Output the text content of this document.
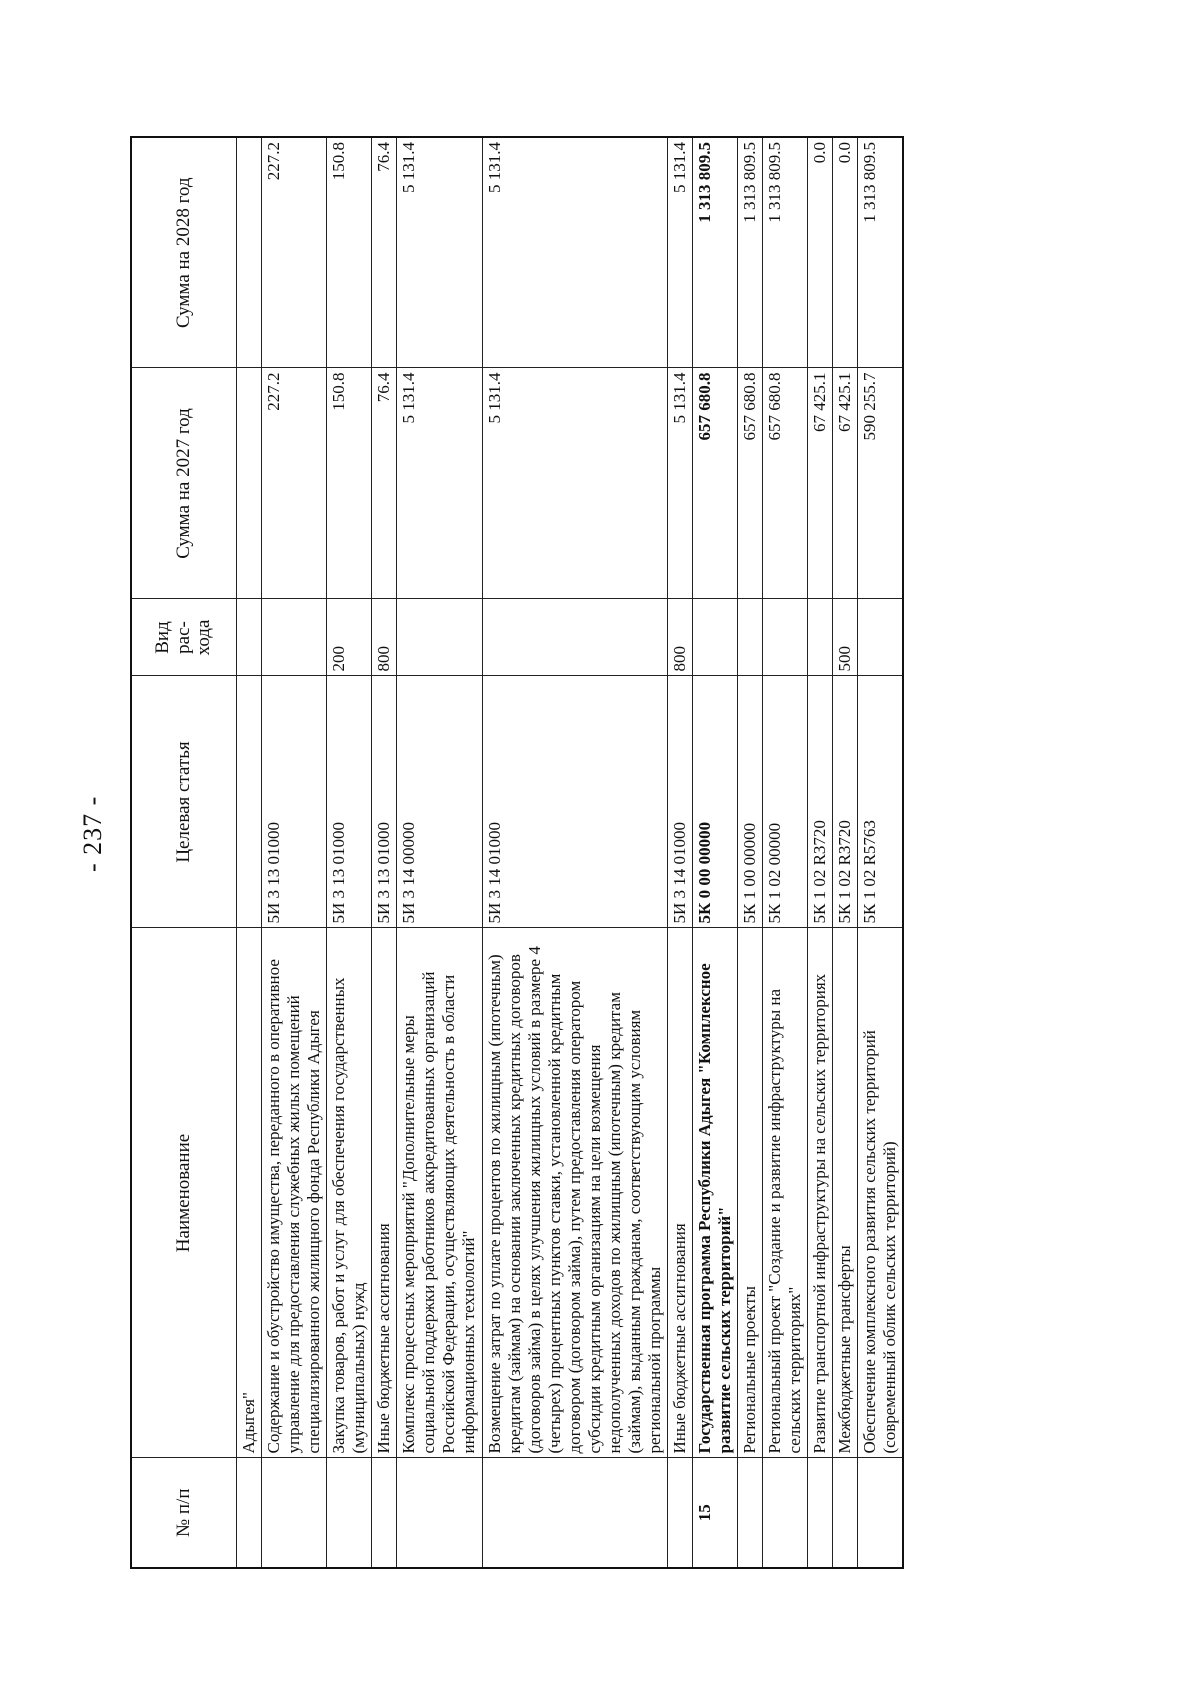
- 237 -
№ п/п	Наименование	Целевая статья	Вид рас-хода	Сумма на 2027 год	Сумма на 2028 год
	Адыгея"				
	Содержание и обустройство имущества, переданного в оперативное управление для предоставления служебных жилых помещений специализированного жилищного фонда Республики Адыгея	5И 3 13 01000		227.2	227.2
	Закупка товаров, работ и услуг для обеспечения государственных (муниципальных) нужд	5И 3 13 01000	200	150.8	150.8
	Иные бюджетные ассигнования	5И 3 13 01000	800	76.4	76.4
	Комплекс процессных мероприятий "Дополнительные меры социальной поддержки работников аккредитованных организаций Российской Федерации, осуществляющих деятельность в области информационных технологий"	5И 3 14 00000		5 131.4	5 131.4
	Возмещение затрат по уплате процентов по жилищным (ипотечным) кредитам (займам) на основании заключенных кредитных договоров (договоров займа) в целях улучшения жилищных условий в размере 4 (четырех) процентных пунктов ставки, установленной кредитным договором (договором займа), путем предоставления оператором субсидии кредитным организациям на цели возмещения недополученных доходов по жилищным (ипотечным) кредитам (займам), выданным гражданам, соответствующим условиям региональной программы	5И 3 14 01000		5 131.4	5 131.4
	Иные бюджетные ассигнования	5И 3 14 01000	800	5 131.4	5 131.4
15	Государственная программа Республики Адыгея "Комплексное развитие сельских территорий"	5К 0 00 00000		657 680.8	1 313 809.5
	Региональные проекты	5К 1 00 00000		657 680.8	1 313 809.5
	Региональный проект "Создание и развитие инфраструктуры на сельских территориях"	5К 1 02 00000		657 680.8	1 313 809.5
	Развитие транспортной инфраструктуры на сельских территориях	5К 1 02 R3720		67 425.1	0.0
	Межбюджетные трансферты	5К 1 02 R3720	500	67 425.1	0.0
	Обеспечение комплексного развития сельских территорий (современный облик сельских территорий)	5К 1 02 R5763		590 255.7	1 313 809.5
